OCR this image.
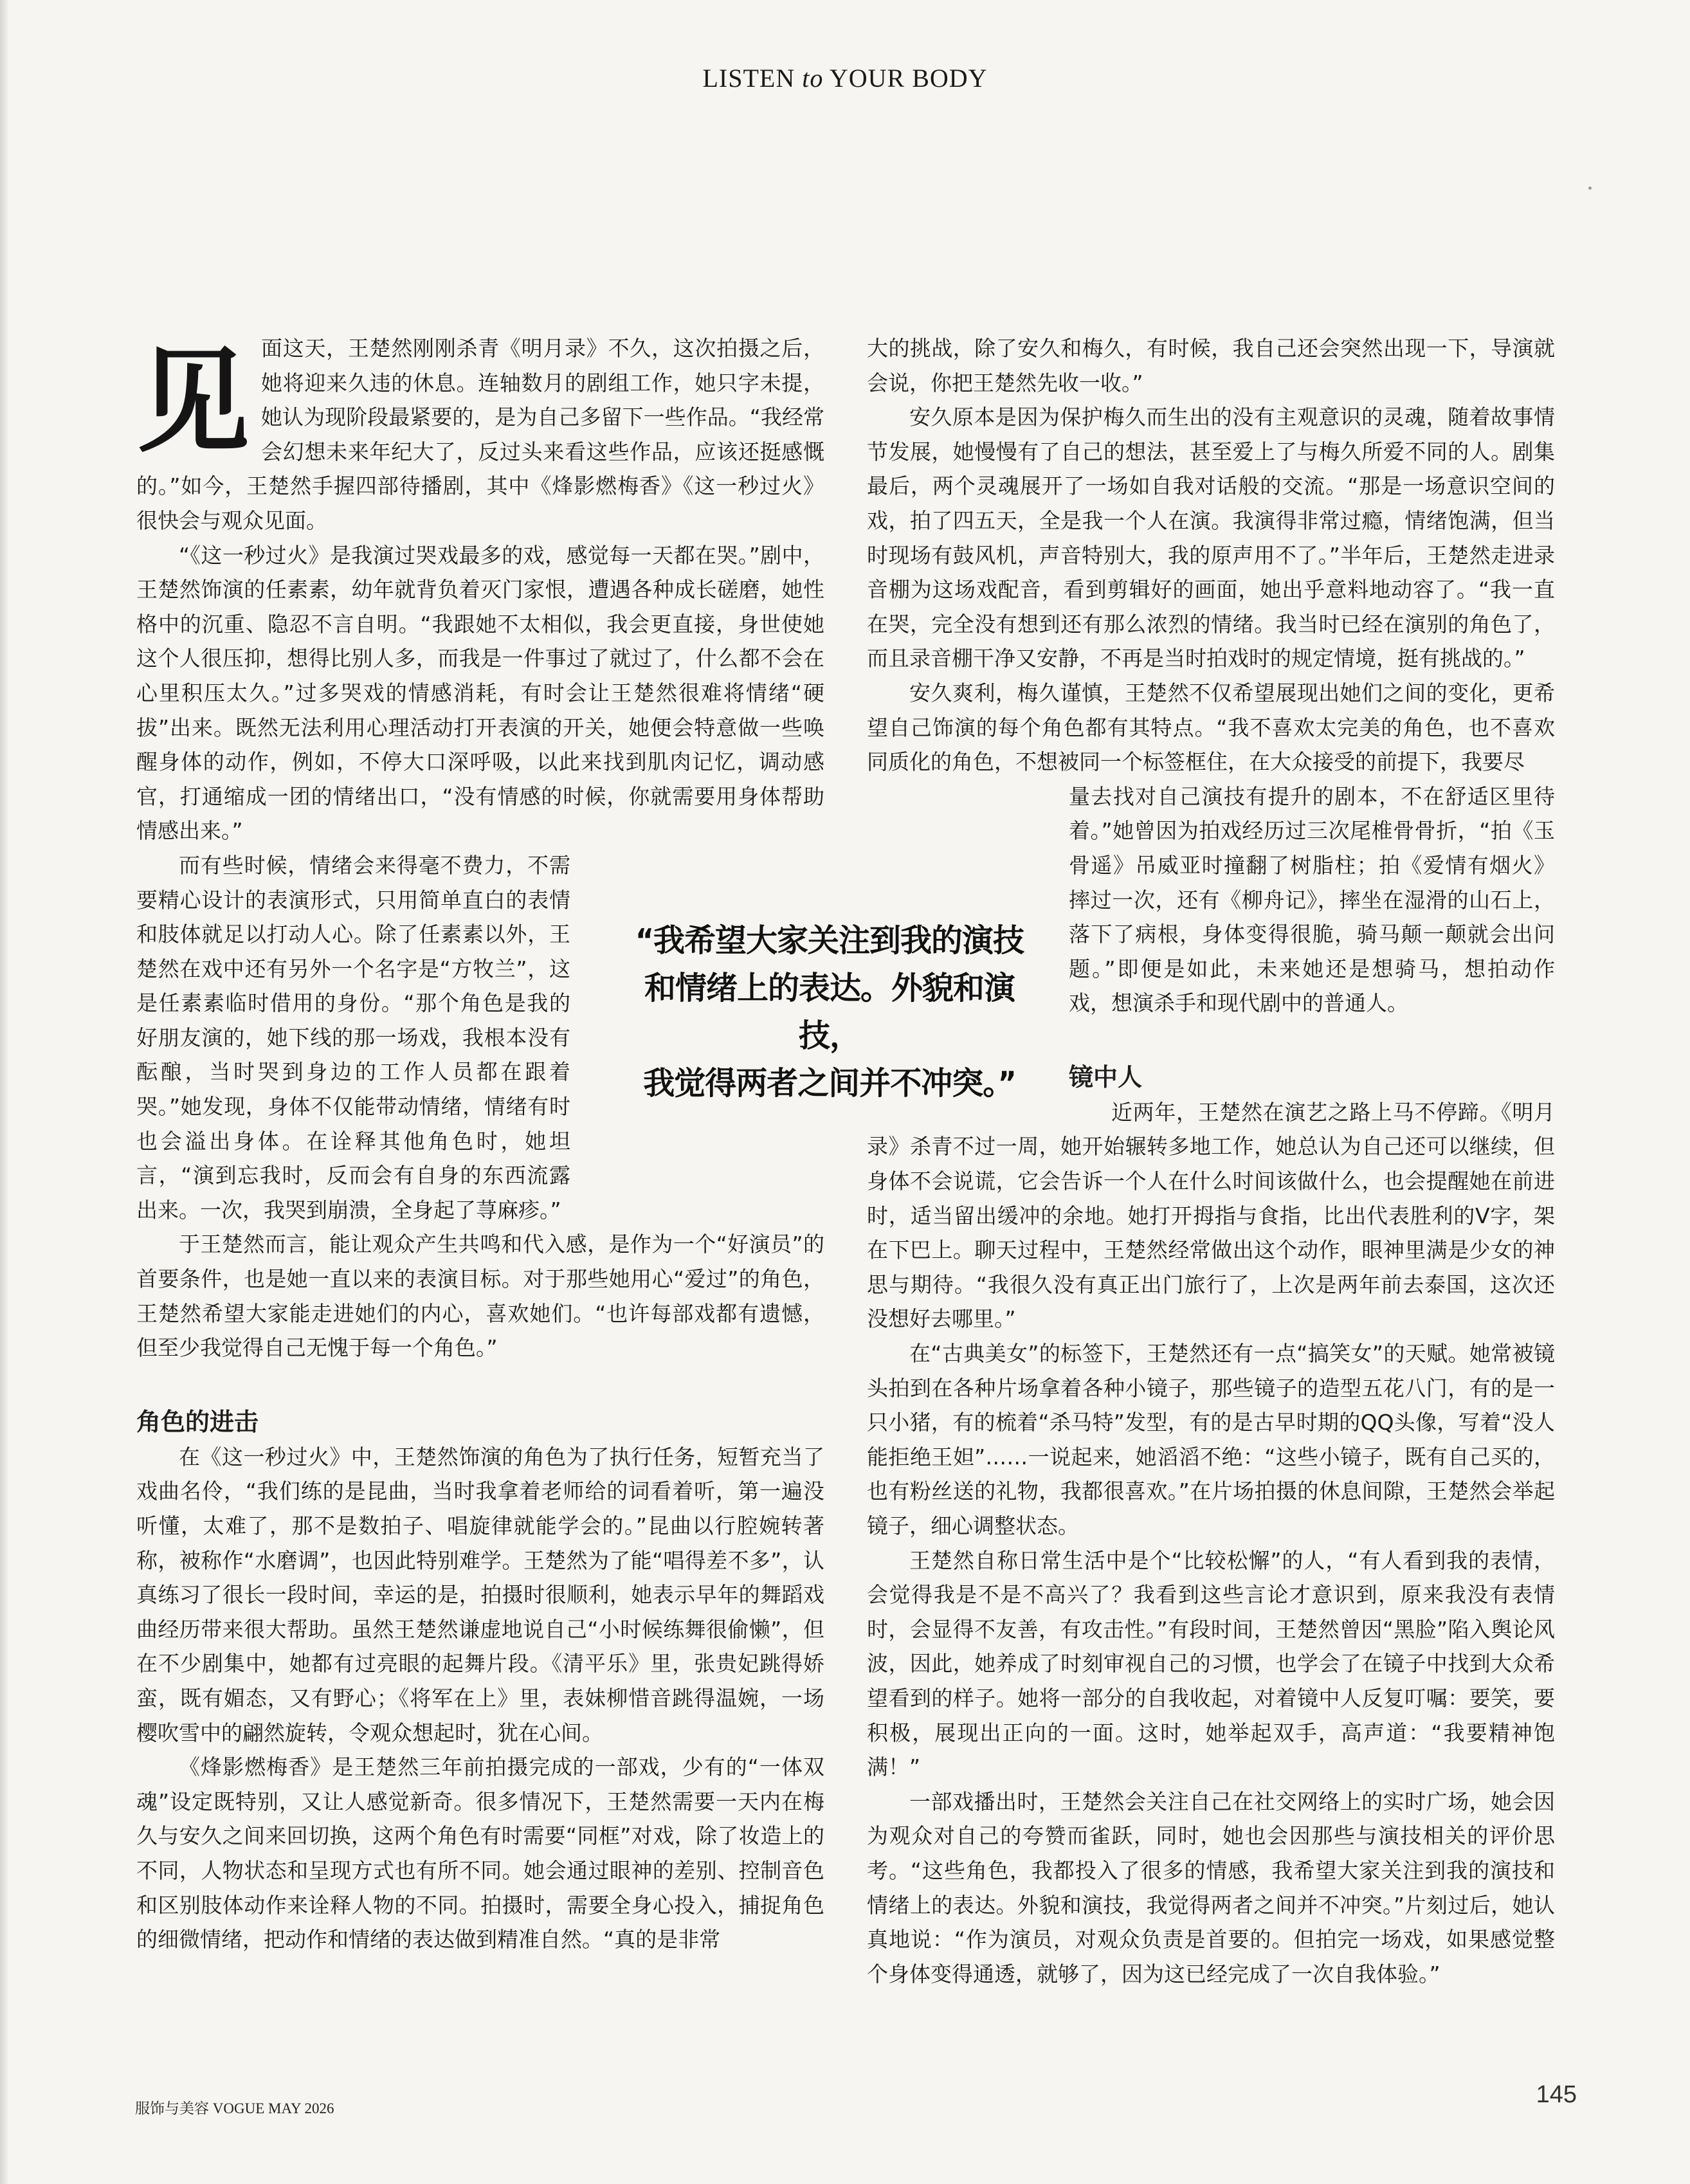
LISTEN to YOUR BODY

见面这天，王楚然刚刚杀青《明月录》不久，这次拍摄之后，她将迎来久违的休息。连轴数月的剧组工作，她只字未提，她认为现阶段最紧要的，是为自己多留下一些作品。“我经常会幻想未来年纪大了，反过头来看这些作品，应该还挺感慨的。”如今，王楚然手握四部待播剧，其中《烽影燃梅香》《这一秒过火》很快会与观众见面。

“《这一秒过火》是我演过哭戏最多的戏，感觉每一天都在哭。”剧中，王楚然饰演的任素素，幼年就背负着灭门家恨，遭遇各种成长磋磨，她性格中的沉重、隐忍不言自明。“我跟她不太相似，我会更直接，身世使她这个人很压抑，想得比别人多，而我是一件事过了就过了，什么都不会在心里积压太久。”过多哭戏的情感消耗，有时会让王楚然很难将情绪“硬拔”出来。既然无法利用心理活动打开表演的开关，她便会特意做一些唤醒身体的动作，例如，不停大口深呼吸，以此来找到肌肉记忆，调动感官，打通缩成一团的情绪出口，“没有情感的时候，你就需要用身体帮助情感出来。”

而有些时候，情绪会来得毫不费力，不需要精心设计的表演形式，只用简单直白的表情和肢体就足以打动人心。除了任素素以外，王楚然在戏中还有另外一个名字是“方牧兰”，这是任素素临时借用的身份。“那个角色是我的好朋友演的，她下线的那一场戏，我根本没有酝酿，当时哭到身边的工作人员都在跟着哭。”她发现，身体不仅能带动情绪，情绪有时也会溢出身体。在诠释其他角色时，她坦言，“演到忘我时，反而会有自身的东西流露出来。一次，我哭到崩溃，全身起了荨麻疹。”

于王楚然而言，能让观众产生共鸣和代入感，是作为一个“好演员”的首要条件，也是她一直以来的表演目标。对于那些她用心“爱过”的角色，王楚然希望大家能走进她们的内心，喜欢她们。“也许每部戏都有遗憾，但至少我觉得自己无愧于每一个角色。”

角色的进击

在《这一秒过火》中，王楚然饰演的角色为了执行任务，短暂充当了戏曲名伶，“我们练的是昆曲，当时我拿着老师给的词看着听，第一遍没听懂，太难了，那不是数拍子、唱旋律就能学会的。”昆曲以行腔婉转著称，被称作“水磨调”，也因此特别难学。王楚然为了能“唱得差不多”，认真练习了很长一段时间，幸运的是，拍摄时很顺利，她表示早年的舞蹈戏曲经历带来很大帮助。虽然王楚然谦虚地说自己“小时候练舞很偷懒”，但在不少剧集中，她都有过亮眼的起舞片段。《清平乐》里，张贵妃跳得娇蛮，既有媚态，又有野心；《将军在上》里，表妹柳惜音跳得温婉，一场樱吹雪中的翩然旋转，令观众想起时，犹在心间。

《烽影燃梅香》是王楚然三年前拍摄完成的一部戏，少有的“一体双魂”设定既特别，又让人感觉新奇。很多情况下，王楚然需要一天内在梅久与安久之间来回切换，这两个角色有时需要“同框”对戏，除了妆造上的不同，人物状态和呈现方式也有所不同。她会通过眼神的差别、控制音色和区别肢体动作来诠释人物的不同。拍摄时，需要全身心投入，捕捉角色的细微情绪，把动作和情绪的表达做到精准自然。“真的是非常

大的挑战，除了安久和梅久，有时候，我自己还会突然出现一下，导演就会说，你把王楚然先收一收。”

安久原本是因为保护梅久而生出的没有主观意识的灵魂，随着故事情节发展，她慢慢有了自己的想法，甚至爱上了与梅久所爱不同的人。剧集最后，两个灵魂展开了一场如自我对话般的交流。“那是一场意识空间的戏，拍了四五天，全是我一个人在演。我演得非常过瘾，情绪饱满，但当时现场有鼓风机，声音特别大，我的原声用不了。”半年后，王楚然走进录音棚为这场戏配音，看到剪辑好的画面，她出乎意料地动容了。“我一直在哭，完全没有想到还有那么浓烈的情绪。我当时已经在演别的角色了，而且录音棚干净又安静，不再是当时拍戏时的规定情境，挺有挑战的。”

安久爽利，梅久谨慎，王楚然不仅希望展现出她们之间的变化，更希望自己饰演的每个角色都有其特点。“我不喜欢太完美的角色，也不喜欢同质化的角色，不想被同一个标签框住，在大众接受的前提下，我要尽

量去找对自己演技有提升的剧本，不在舒适区里待着。”她曾因为拍戏经历过三次尾椎骨骨折，“拍《玉骨遥》吊威亚时撞翻了树脂柱；拍《爱情有烟火》摔过一次，还有《柳舟记》，摔坐在湿滑的山石上，落下了病根，身体变得很脆，骑马颠一颠就会出问题。”即便是如此，未来她还是想骑马，想拍动作戏，想演杀手和现代剧中的普通人。

镜中人

近两年，王楚然在演艺之路上马不停蹄。《明月录》杀青不过一周，她开始辗转多地工作，她总认为自己还可以继续，但身体不会说谎，它会告诉一个人在什么时间该做什么，也会提醒她在前进时，适当留出缓冲的余地。她打开拇指与食指，比出代表胜利的V字，架在下巴上。聊天过程中，王楚然经常做出这个动作，眼神里满是少女的神思与期待。“我很久没有真正出门旅行了，上次是两年前去泰国，这次还没想好去哪里。”

在“古典美女”的标签下，王楚然还有一点“搞笑女”的天赋。她常被镜头拍到在各种片场拿着各种小镜子，那些镜子的造型五花八门，有的是一只小猪，有的梳着“杀马特”发型，有的是古早时期的QQ头像，写着“没人能拒绝王妲”……一说起来，她滔滔不绝：“这些小镜子，既有自己买的，也有粉丝送的礼物，我都很喜欢。”在片场拍摄的休息间隙，王楚然会举起镜子，细心调整状态。

王楚然自称日常生活中是个“比较松懈”的人，“有人看到我的表情，会觉得我是不是不高兴了？我看到这些言论才意识到，原来我没有表情时，会显得不友善，有攻击性。”有段时间，王楚然曾因“黑脸”陷入舆论风波，因此，她养成了时刻审视自己的习惯，也学会了在镜子中找到大众希望看到的样子。她将一部分的自我收起，对着镜中人反复叮嘱：要笑，要积极，展现出正向的一面。这时，她举起双手，高声道：“我要精神饱满！”

一部戏播出时，王楚然会关注自己在社交网络上的实时广场，她会因为观众对自己的夸赞而雀跃，同时，她也会因那些与演技相关的评价思考。“这些角色，我都投入了很多的情感，我希望大家关注到我的演技和情绪上的表达。外貌和演技，我觉得两者之间并不冲突。”片刻过后，她认真地说：“作为演员，对观众负责是首要的。但拍完一场戏，如果感觉整个身体变得通透，就够了，因为这已经完成了一次自我体验。”

“我希望大家关注到我的演技
和情绪上的表达。外貌和演技，
我觉得两者之间并不冲突。”
服饰与美容 VOGUE MAY 2026
145
